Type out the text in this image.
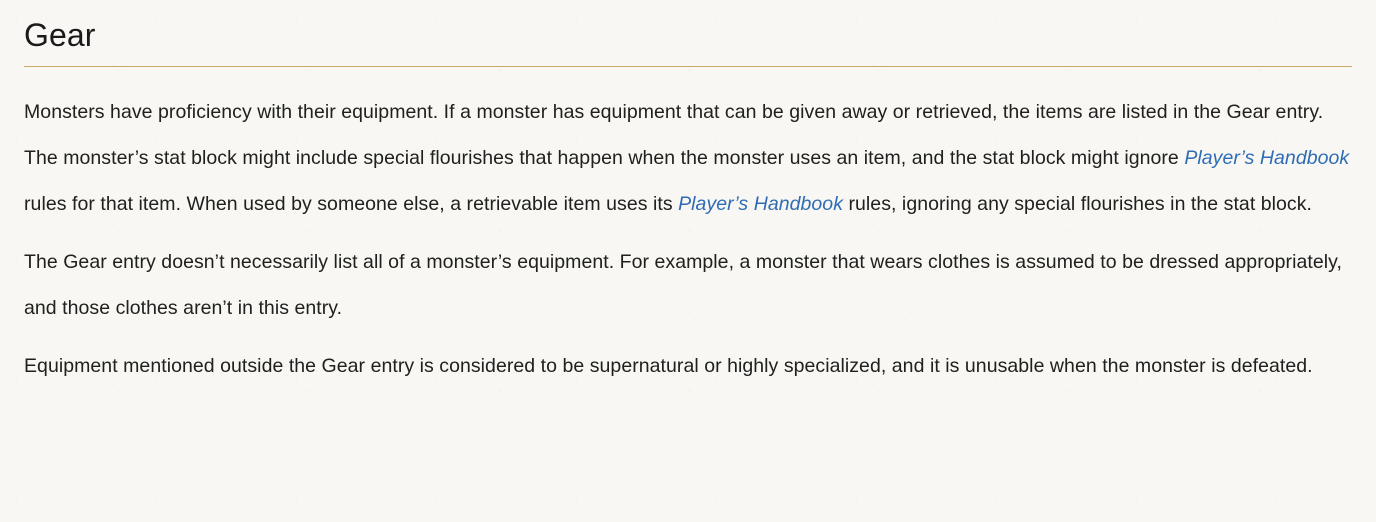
Gear

Monsters have proficiency with their equipment. If a monster has equipment that can be given away or retrieved, the items are listed in the Gear entry. The monster’s stat block might include special flourishes that happen when the monster uses an item, and the stat block might ignore Player’s Handbook rules for that item. When used by someone else, a retrievable item uses its Player’s Handbook rules, ignoring any special flourishes in the stat block.

The Gear entry doesn’t necessarily list all of a monster’s equipment. For example, a monster that wears clothes is assumed to be dressed appropriately, and those clothes aren’t in this entry.

Equipment mentioned outside the Gear entry is considered to be supernatural or highly specialized, and it is unusable when the monster is defeated.
